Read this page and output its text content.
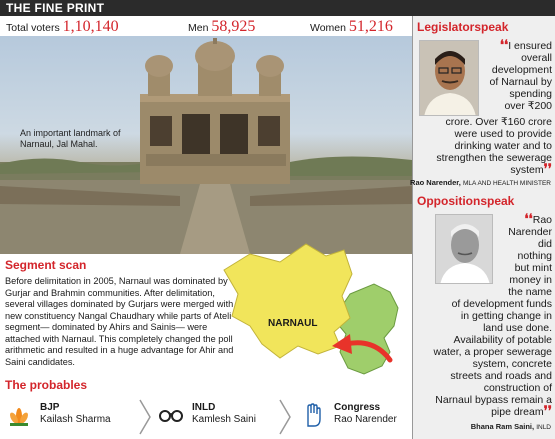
THE FINE PRINT
Total voters 1,10,140	Men 58,925	Women 51,216
An important landmark of Narnaul, Jal Mahal.
Segment scan
Before delimitation in 2005, Narnaul was dominated by Gurjar and Brahmin communities. After delimitation, several villages dominated by Gurjars were merged with new constituency Nangal Chaudhary while parts of Ateli segment— dominated by Ahirs and Sainis— were attached with Narnaul. This completely changed the poll arithmetic and resulted in a huge advantage for Ahir and Saini candidates.
NARNAUL
The probables
BJP
Kailash Sharma
INLD
Kamlesh Saini
Congress
Rao Narender
Legislatorspeak
❛❛I ensured
overall
development
of Narnaul by
spending
over ₹200
crore. Over ₹160 crore
were used to provide
drinking water and to
strengthen the sewerage
system❜❜
Rao Narender, MLA AND HEALTH MINISTER
Oppositionspeak
❛❛Rao
Narender
did
nothing
but mint
money in
the name
of development funds
in getting change in
land use done.
Availability of potable
water, a proper sewerage
system, concrete
streets and roads and
construction of
Narnaul bypass remain a
pipe dream❜❜
Bhana Ram Saini, INLD
